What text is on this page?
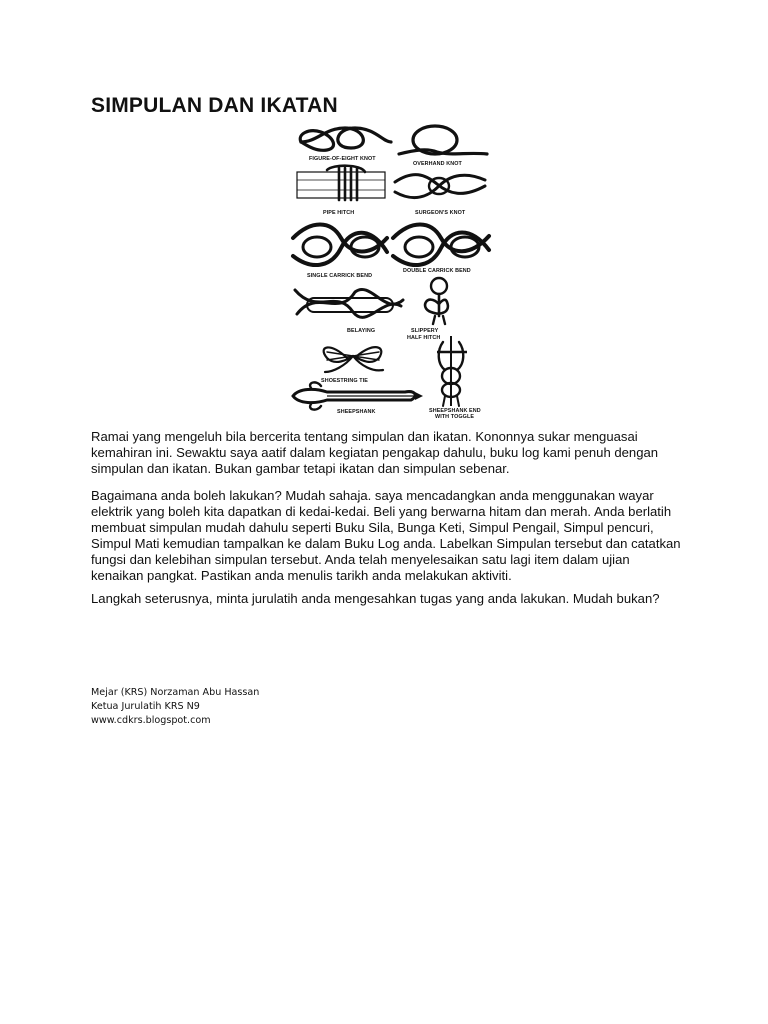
SIMPULAN DAN IKATAN
FIGURE-OF-EIGHT KNOT
OVERHAND KNOT
PIPE HITCH	SURGEON'S KNOT
SINGLE CARRICK BEND
DOUBLE CARRICK BEND
BELAYING	SLIPPERY
HALF HITCH
SHOESTRING TIE
SHEEPSHANK END
WITH TOGGLE
SHEEPSHANK

Ramai yang mengeluh bila bercerita tentang simpulan dan ikatan. Kononnya sukar menguasai kemahiran ini. Sewaktu saya aatif dalam kegiatan pengakap dahulu, buku log kami penuh dengan simpulan dan ikatan. Bukan gambar tetapi ikatan dan simpulan sebenar.

Bagaimana anda boleh lakukan? Mudah sahaja. saya mencadangkan anda menggunakan wayar elektrik yang boleh kita dapatkan di kedai-kedai. Beli yang berwarna hitam dan merah. Anda berlatih membuat simpulan mudah dahulu seperti Buku Sila, Bunga Keti, Simpul Pengail, Simpul pencuri, Simpul Mati kemudian tampalkan ke dalam Buku Log anda. Labelkan Simpulan tersebut dan catatkan fungsi dan kelebihan simpulan tersebut. Anda telah menyelesaikan satu lagi item dalam ujian kenaikan pangkat. Pastikan anda menulis tarikh anda melakukan aktiviti.

Langkah seterusnya, minta jurulatih anda mengesahkan tugas yang anda lakukan. Mudah bukan?

Mejar (KRS) Norzaman Abu Hassan
Ketua Jurulatih KRS N9
www.cdkrs.blogspot.com
